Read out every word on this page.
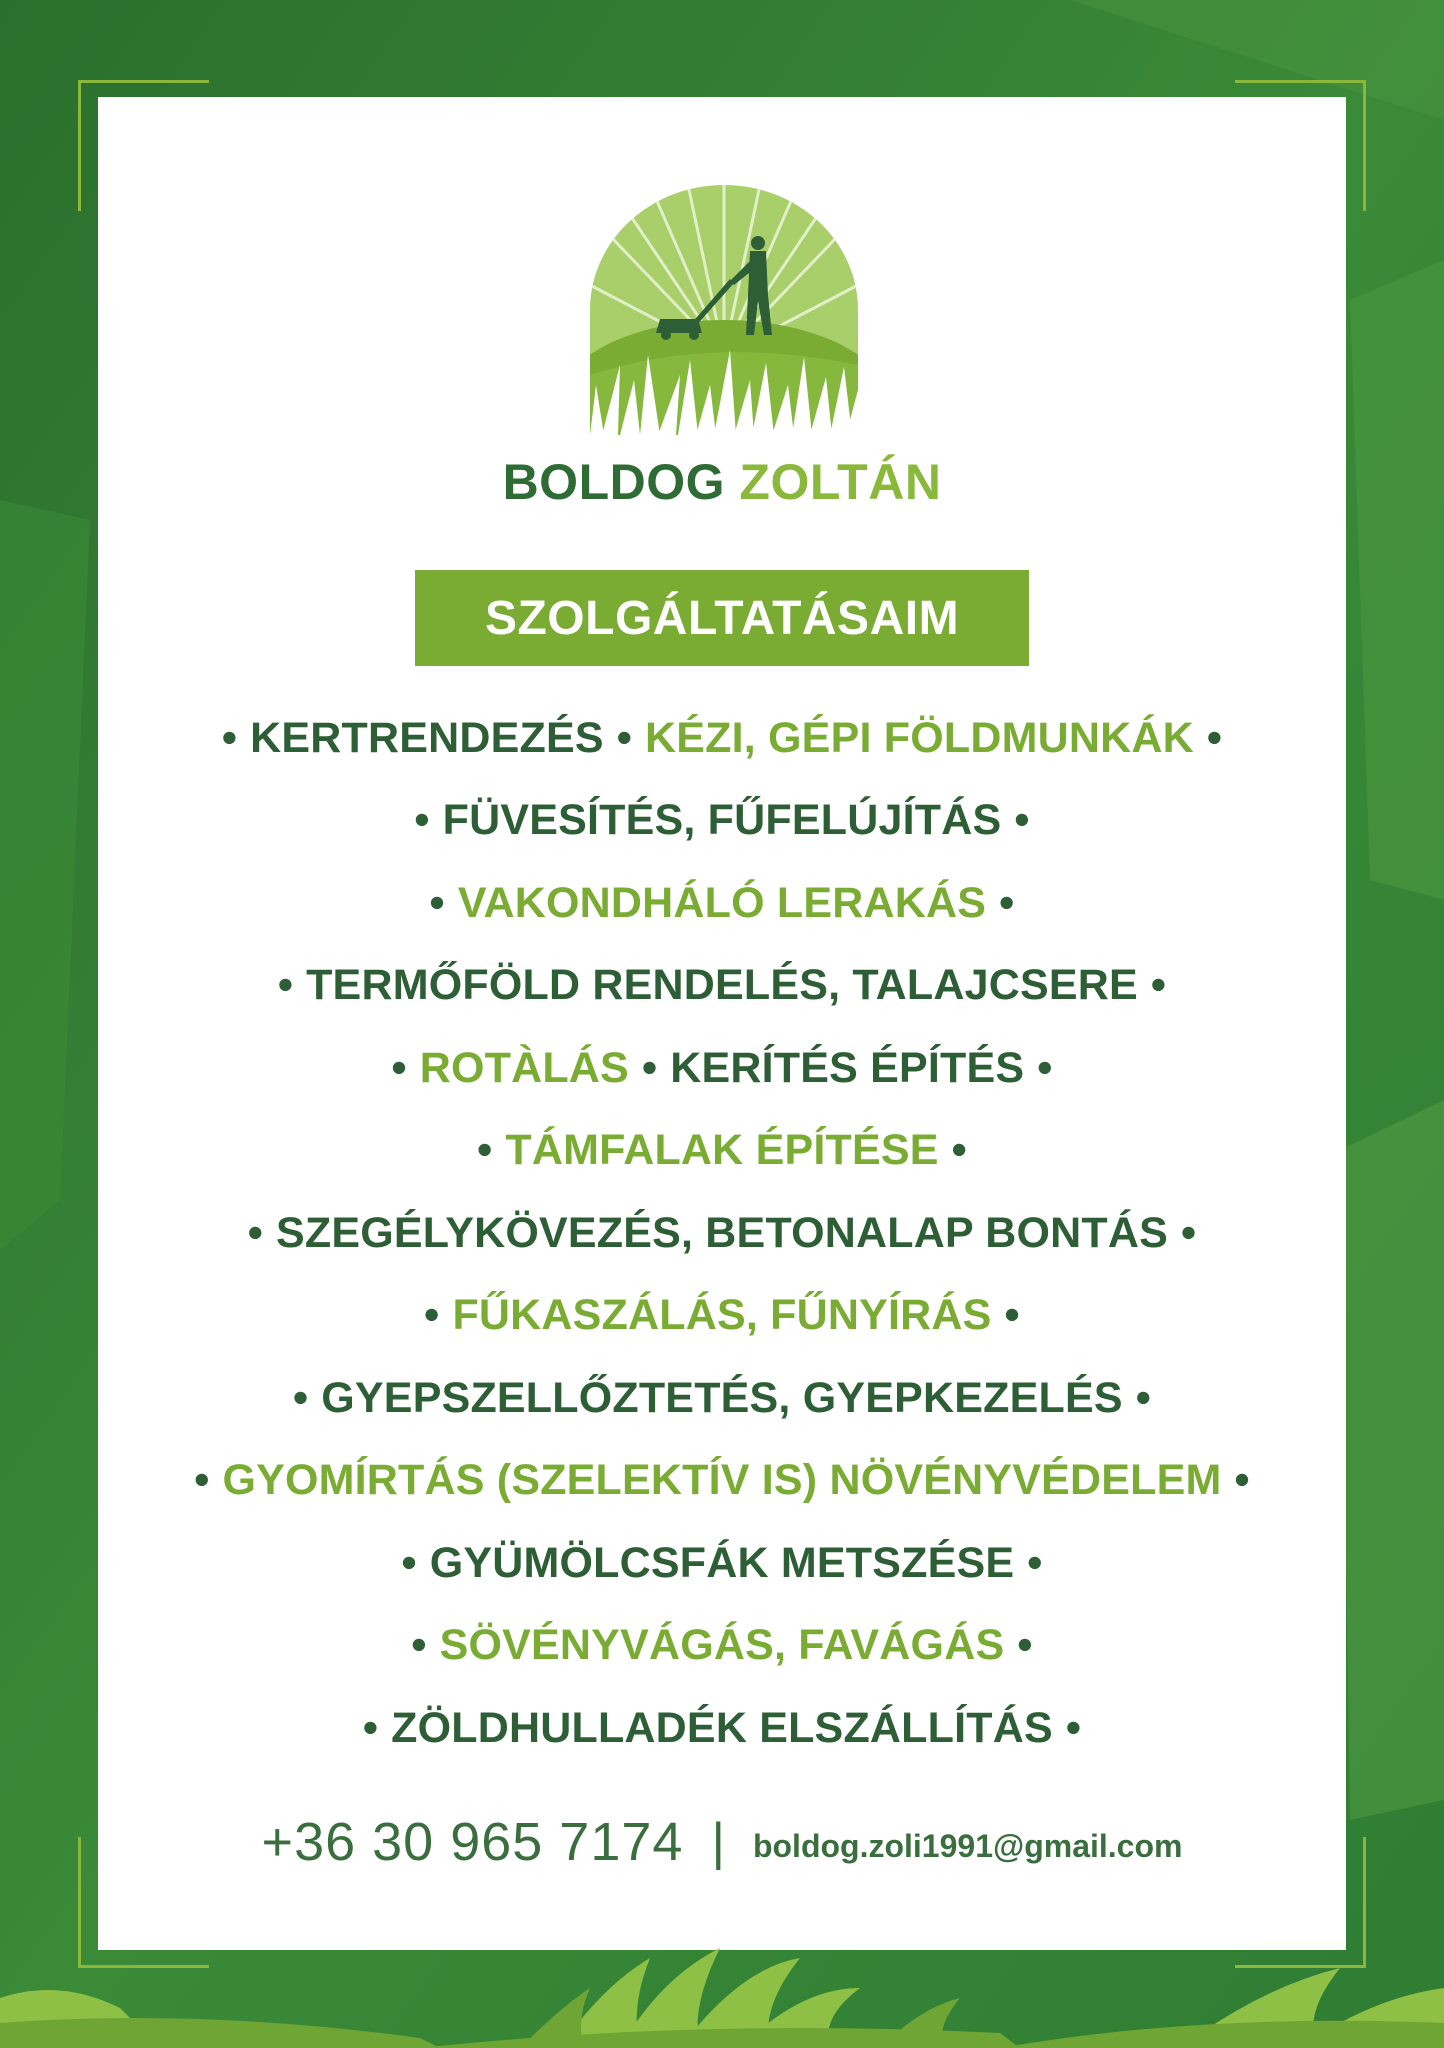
BOLDOG ZOLTÁN
SZOLGÁLTATÁSAIM
• KERTRENDEZÉS • KÉZI, GÉPI FÖLDMUNKÁK •
• FÜVESÍTÉS, FŰFELÚJÍTÁS •
• VAKONDHÁLÓ LERAKÁS •
• TERMŐFÖLD RENDELÉS, TALAJCSERE •
• ROTÀLÁS • KERÍTÉS ÉPÍTÉS •
• TÁMFALAK ÉPÍTÉSE •
• SZEGÉLYKÖVEZÉS, BETONALAP BONTÁS •
• FŰKASZÁLÁS, FŰNYÍRÁS •
• GYEPSZELLŐZTETÉS, GYEPKEZELÉS •
• GYOMÍRTÁS (SZELEKTÍV IS) NÖVÉNYVÉDELEM •
• GYÜMÖLCSFÁK METSZÉSE •
• SÖVÉNYVÁGÁS, FAVÁGÁS •
• ZÖLDHULLADÉK ELSZÁLLÍTÁS •
+36 30 965 7174 | boldog.zoli1991@gmail.com
